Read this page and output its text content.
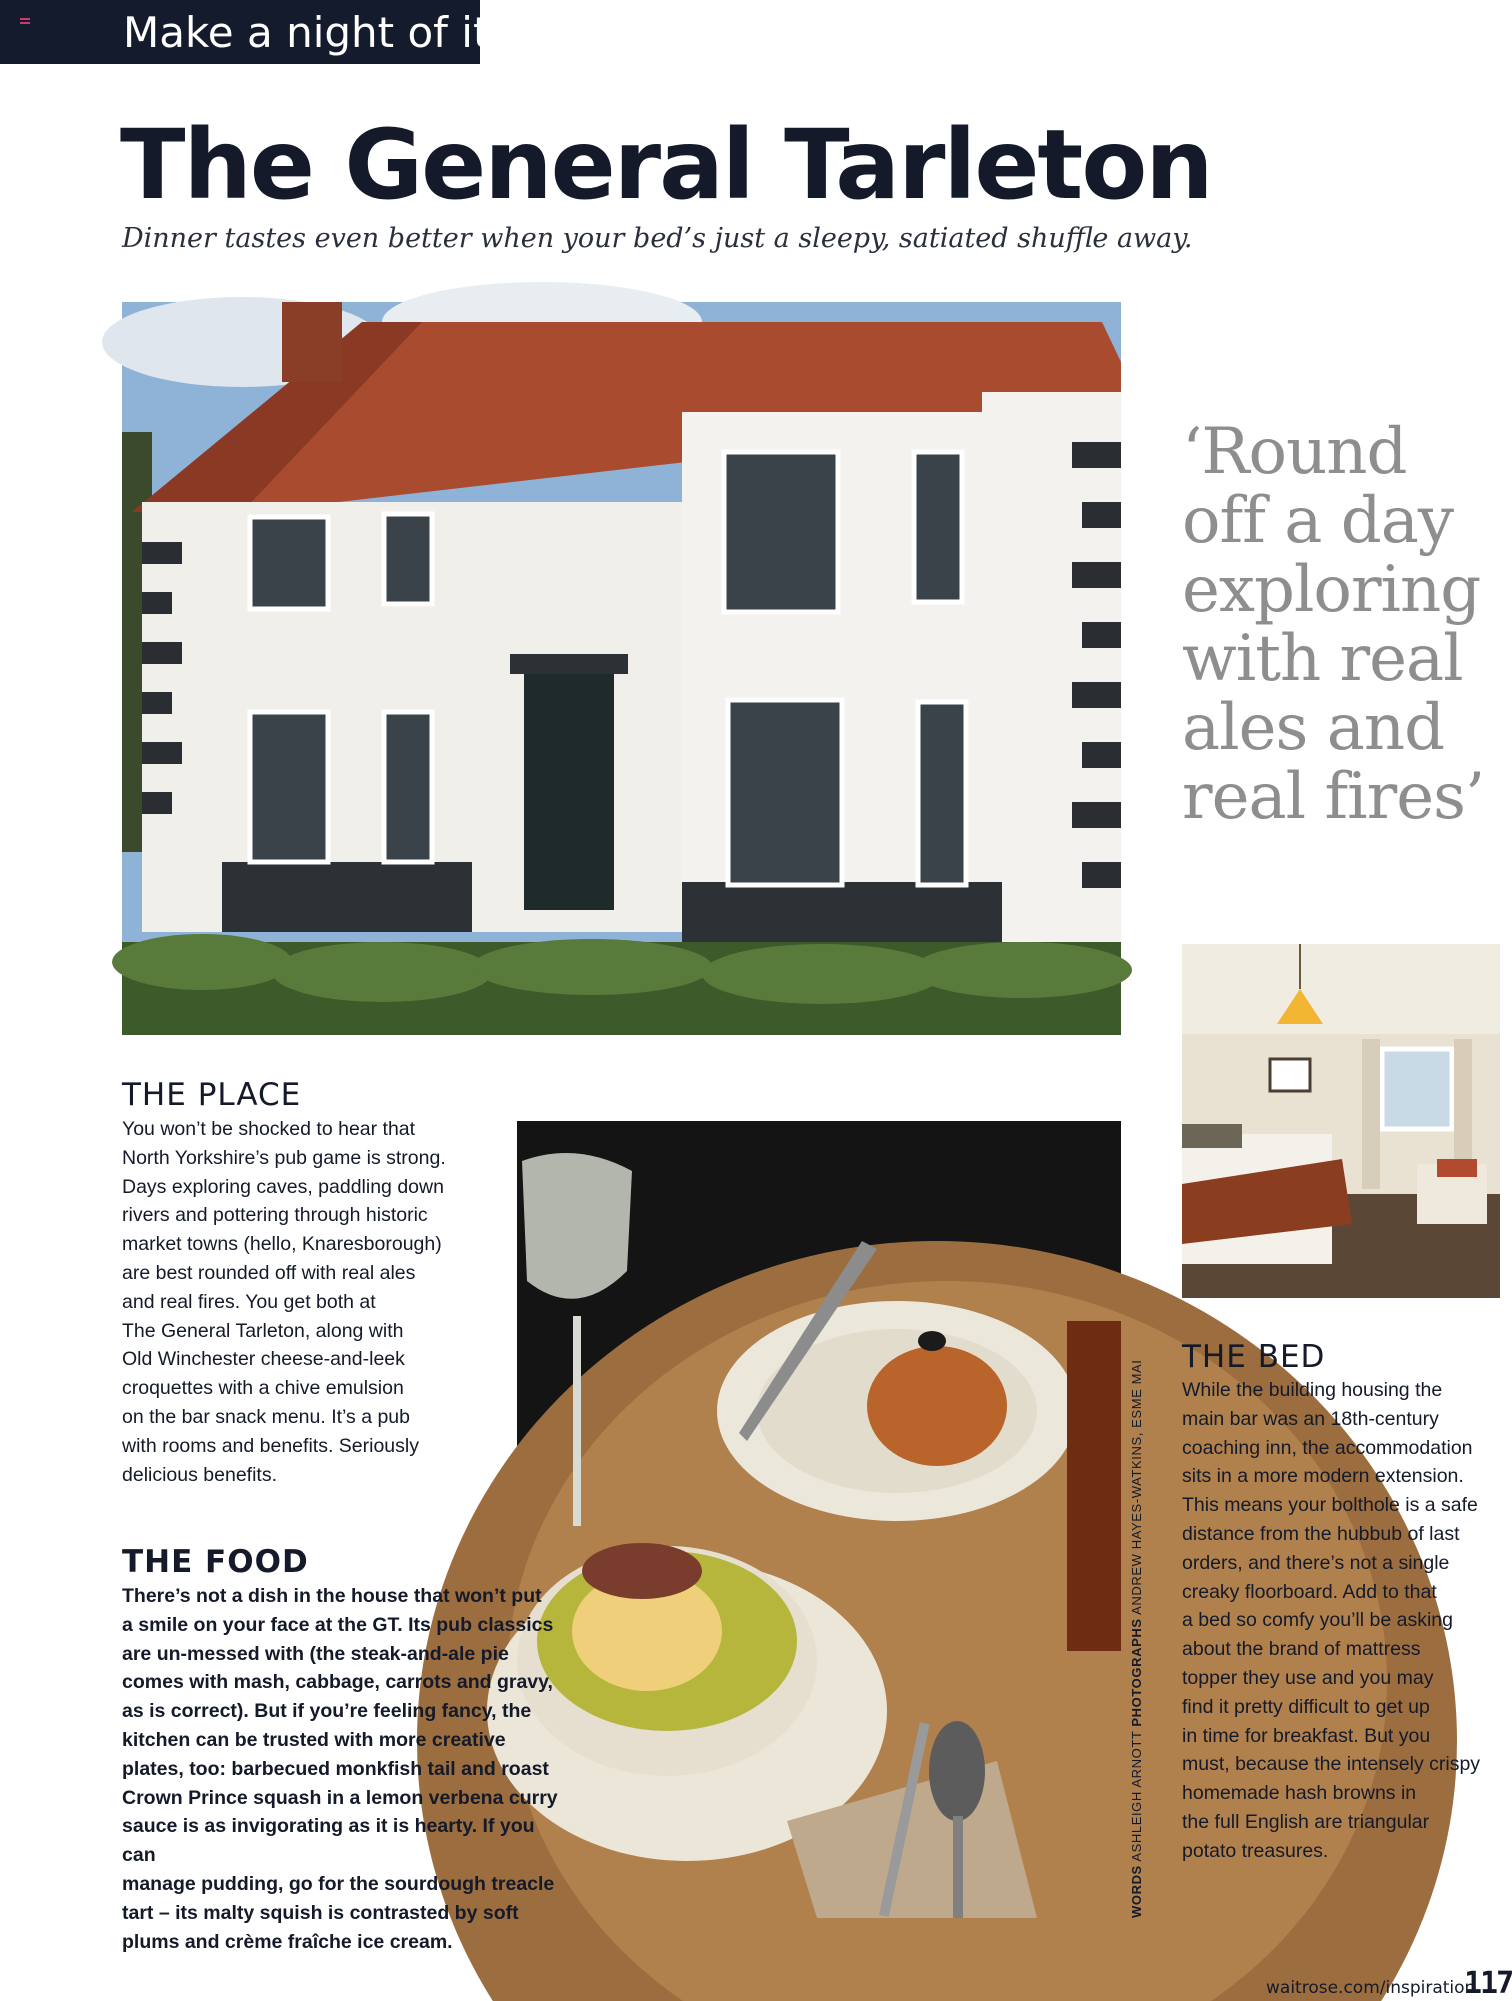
Make a night of it
The General Tarleton
Dinner tastes even better when your bed’s just a sleepy, satiated shuffle away.
‘Round off a day exploring with real ales and real fires’
THE PLACE
You won’t be shocked to hear that
North Yorkshire’s pub game is strong.
Days exploring caves, paddling down
rivers and pottering through historic
market towns (hello, Knaresborough)
are best rounded off with real ales
and real fires. You get both at
The General Tarleton, along with
Old Winchester cheese-and-leek
croquettes with a chive emulsion
on the bar snack menu. It’s a pub
with rooms and benefits. Seriously
delicious benefits.
THE FOOD
There’s not a dish in the house that won’t put
a smile on your face at the GT. Its pub classics
are un-messed with (the steak-and-ale pie
comes with mash, cabbage, carrots and gravy,
as is correct). But if you’re feeling fancy, the
kitchen can be trusted with more creative
plates, too: barbecued monkfish tail and roast
Crown Prince squash in a lemon verbena curry
sauce is as invigorating as it is hearty. If you can
manage pudding, go for the sourdough treacle
tart – its malty squish is contrasted by soft
plums and crème fraîche ice cream.
THE BED
While the building housing the
main bar was an 18th-century
coaching inn, the accommodation
sits in a more modern extension.
This means your bolthole is a safe
distance from the hubbub of last
orders, and there’s not a single
creaky floorboard. Add to that
a bed so comfy you’ll be asking
about the brand of mattress
topper they use and you may
find it pretty difficult to get up
in time for breakfast. But you
must, because the intensely crispy
homemade hash browns in
the full English are triangular
potato treasures.
WORDS ASHLEIGH ARNOTT PHOTOGRAPHS ANDREW HAYES-WATKINS, ESME MAI
waitrose.com/inspiration
117
